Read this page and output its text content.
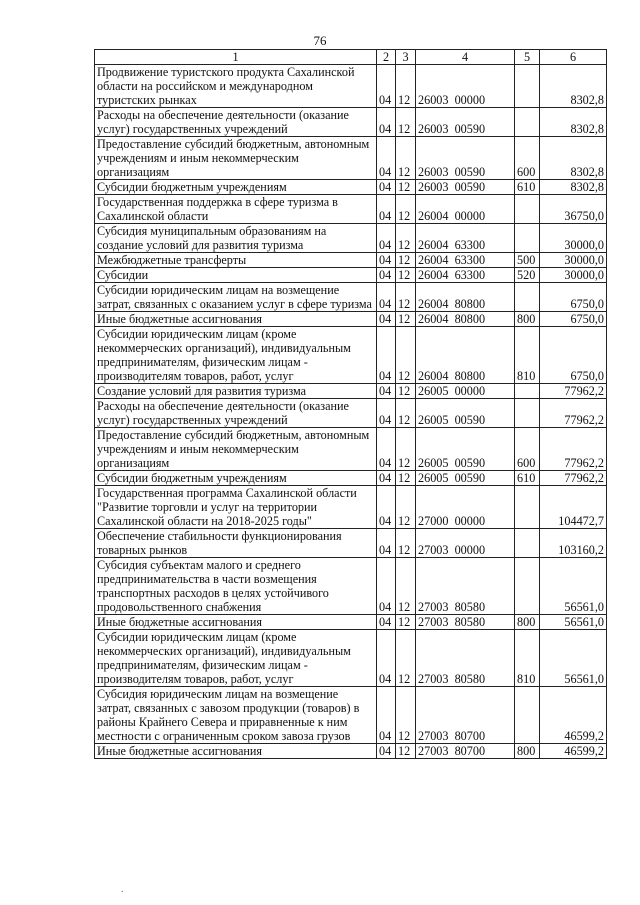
76
1	2	3	4	5	6
Продвижение туристского продукта Сахалинской области на российском и международном туристских рынках	04	12	26003  00000		8302,8
Расходы на обеспечение деятельности (оказание услуг) государственных учреждений	04	12	26003  00590		8302,8
Предоставление субсидий бюджетным, автономным учреждениям и иным некоммерческим организациям	04	12	26003  00590	600	8302,8
Субсидии бюджетным учреждениям	04	12	26003  00590	610	8302,8
Государственная поддержка в сфере туризма в Сахалинской области	04	12	26004  00000		36750,0
Субсидия муниципальным образованиям на создание условий для развития туризма	04	12	26004  63300		30000,0
Межбюджетные трансферты	04	12	26004  63300	500	30000,0
Субсидии	04	12	26004  63300	520	30000,0
Субсидии юридическим лицам на возмещение затрат, связанных с оказанием услуг в сфере туризма	04	12	26004  80800		6750,0
Иные бюджетные ассигнования	04	12	26004  80800	800	6750,0
Субсидии юридическим лицам (кроме некоммерческих организаций), индивидуальным предпринимателям, физическим лицам - производителям товаров, работ, услуг	04	12	26004  80800	810	6750,0
Создание условий для развития туризма	04	12	26005  00000		77962,2
Расходы на обеспечение деятельности (оказание услуг) государственных учреждений	04	12	26005  00590		77962,2
Предоставление субсидий бюджетным, автономным учреждениям и иным некоммерческим организациям	04	12	26005  00590	600	77962,2
Субсидии бюджетным учреждениям	04	12	26005  00590	610	77962,2
Государственная программа Сахалинской области "Развитие торговли и услуг на территории Сахалинской области на 2018-2025 годы"	04	12	27000  00000		104472,7
Обеспечение стабильности функционирования товарных рынков	04	12	27003  00000		103160,2
Субсидия субъектам малого и среднего предпринимательства в части возмещения транспортных расходов в целях устойчивого продовольственного снабжения	04	12	27003  80580		56561,0
Иные бюджетные ассигнования	04	12	27003  80580	800	56561,0
Субсидии юридическим лицам (кроме некоммерческих организаций), индивидуальным предпринимателям, физическим лицам - производителям товаров, работ, услуг	04	12	27003  80580	810	56561,0
Субсидия юридическим лицам на возмещение затрат, связанных с завозом продукции (товаров) в районы Крайнего Севера и приравненные к ним местности с ограниченным сроком завоза грузов	04	12	27003  80700		46599,2
Иные бюджетные ассигнования	04	12	27003  80700	800	46599,2
.
